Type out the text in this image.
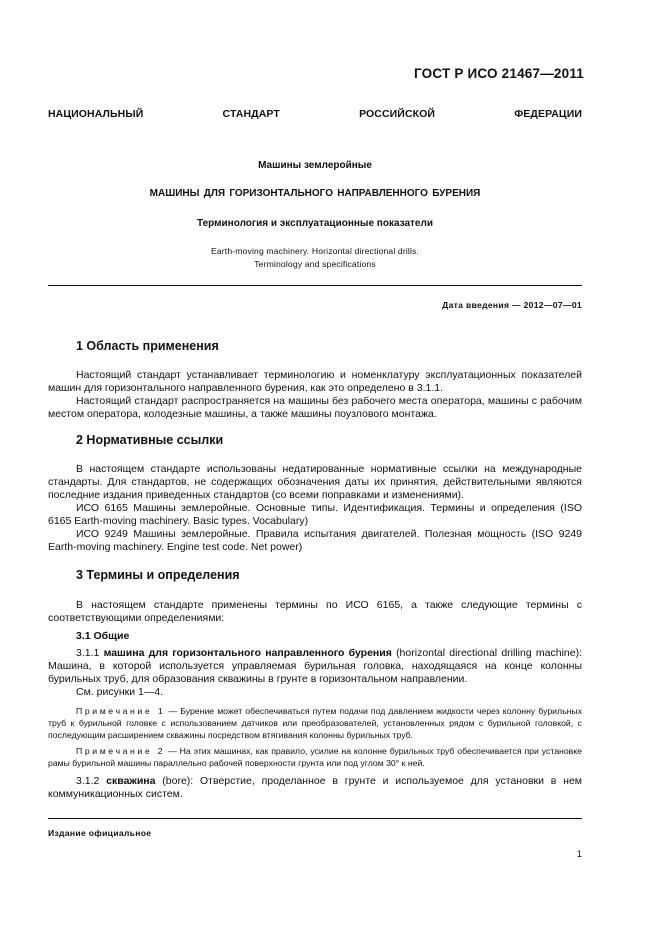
ГОСТ Р ИСО 21467—2011
НАЦИОНАЛЬНЫЙ СТАНДАРТ РОССИЙСКОЙ ФЕДЕРАЦИИ
Машины землеройные
МАШИНЫ ДЛЯ ГОРИЗОНТАЛЬНОГО НАПРАВЛЕННОГО БУРЕНИЯ
Терминология и эксплуатационные показатели
Earth-moving machinery. Horizontal directional drills.
Terminology and specifications
Дата введения — 2012—07—01
1 Область применения

Настоящий стандарт устанавливает терминологию и номенклатуру эксплуатационных показателей машин для горизонтального направленного бурения, как это определено в 3.1.1.

Настоящий стандарт распространяется на машины без рабочего места оператора, машины с рабочим местом оператора, колодезные машины, а также машины поузлового монтажа.

2 Нормативные ссылки

В настоящем стандарте использованы недатированные нормативные ссылки на международные стандарты. Для стандартов, не содержащих обозначения даты их принятия, действительными являются последние издания приведенных стандартов (со всеми поправками и изменениями).

ИСО 6165 Машины землеройные. Основные типы. Идентификация. Термины и определения (ISO 6165 Earth-moving machinery. Basic types. Vocabulary)

ИСО 9249 Машины землеройные. Правила испытания двигателей. Полезная мощность (ISO 9249 Earth-moving machinery. Engine test code. Net power)

3 Термины и определения

В настоящем стандарте применены термины по ИСО 6165, а также следующие термины с соответствующими определениями:

3.1 Общие

3.1.1 машина для горизонтального направленного бурения (horizontal directional drilling machine): Машина, в которой используется управляемая бурильная головка, находящаяся на конце колонны бурильных труб, для образования скважины в грунте в горизонтальном направлении.

См. рисунки 1—4.

Примечание 1 — Бурение может обеспечиваться путем подачи под давлением жидкости через колонну бурильных труб к бурильной головке с использованием датчиков или преобразователей, установленных рядом с бурильной головкой, с последующим расширением скважины посредством втягивания колонны бурильных труб.

Примечание 2 — На этих машинах, как правило, усилие на колонне бурильных труб обеспечивается при установке рамы бурильной машины параллельно рабочей поверхности грунта или под углом 30° к ней.

3.1.2 скважина (bore): Отверстие, проделанное в грунте и используемое для установки в нем коммуникационных систем.

Издание официальное
1
